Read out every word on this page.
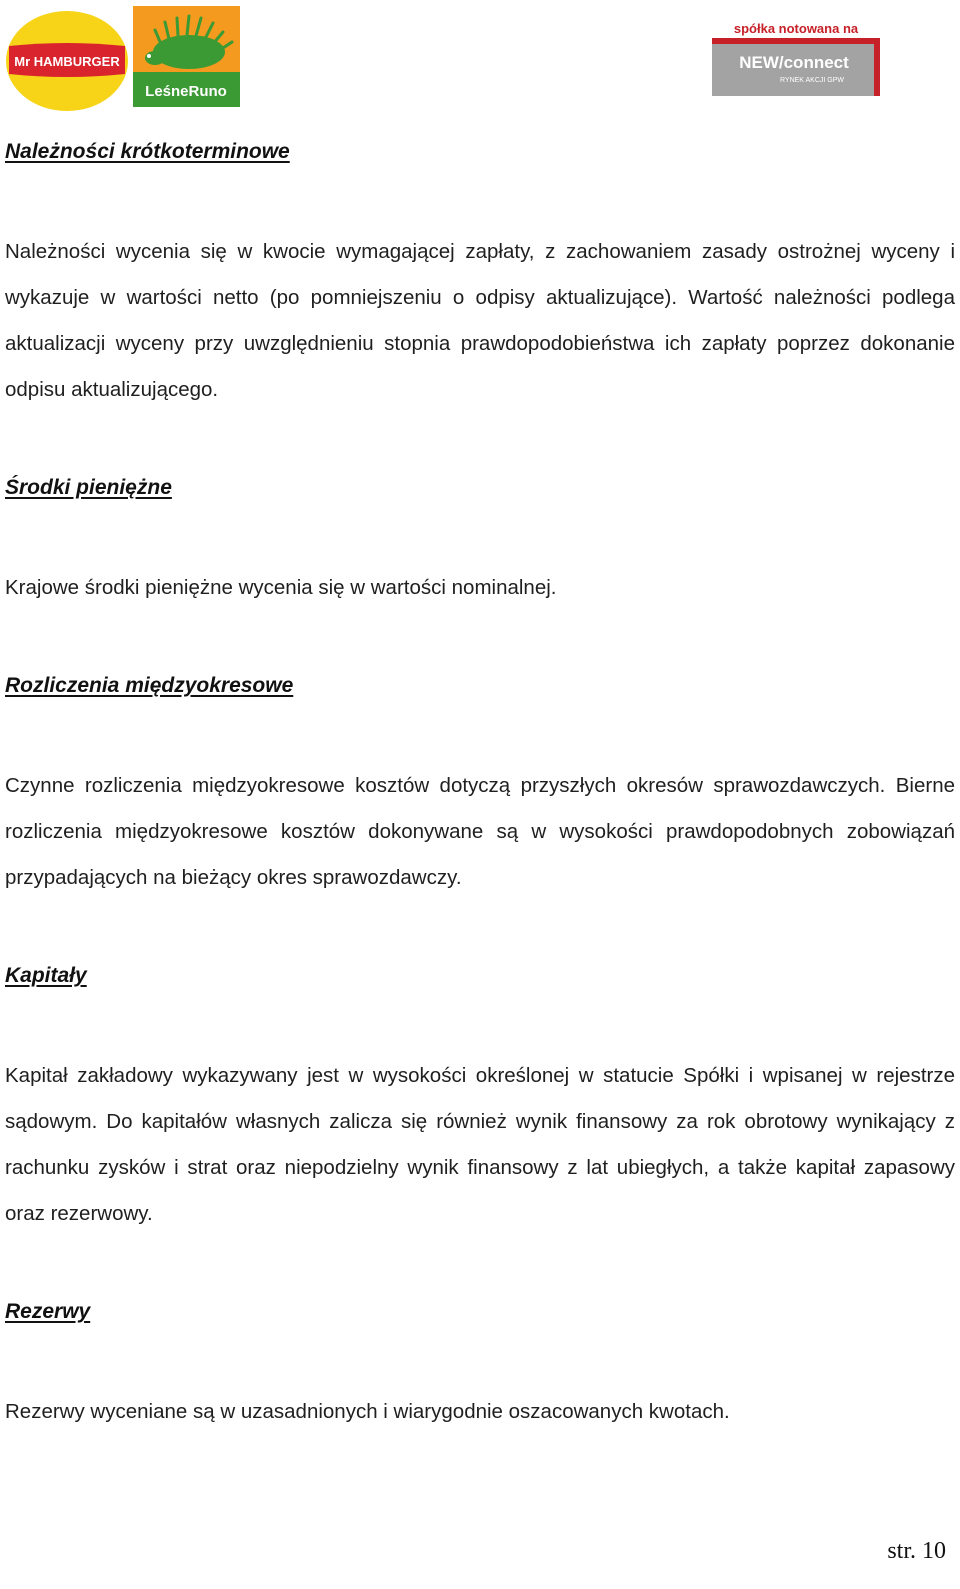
Mr HAMBURGER
LeśneRuno
spółka notowana na
NEW/connect
RYNEK AKCJI GPW
Należności krótkoterminowe

Należności wycenia się w kwocie wymagającej zapłaty, z zachowaniem zasady ostrożnej wyceny i wykazuje w wartości netto (po pomniejszeniu o odpisy aktualizujące). Wartość należności podlega aktualizacji wyceny przy uwzględnieniu stopnia prawdopodobieństwa ich zapłaty poprzez dokonanie odpisu aktualizującego.

Środki pieniężne

Krajowe środki pieniężne wycenia się w wartości nominalnej.

Rozliczenia międzyokresowe

Czynne rozliczenia międzyokresowe kosztów dotyczą przyszłych okresów sprawozdawczych. Bierne rozliczenia międzyokresowe kosztów dokonywane są w wysokości prawdopodobnych zobowiązań przypadających na bieżący okres sprawozdawczy.

Kapitały

Kapitał zakładowy wykazywany jest w wysokości określonej w statucie Spółki i wpisanej w rejestrze sądowym. Do kapitałów własnych zalicza się również wynik finansowy za rok obrotowy wynikający z rachunku zysków i strat oraz niepodzielny wynik finansowy z lat ubiegłych, a także kapitał zapasowy oraz rezerwowy.

Rezerwy

Rezerwy wyceniane są w uzasadnionych i wiarygodnie oszacowanych kwotach.

str. 10
